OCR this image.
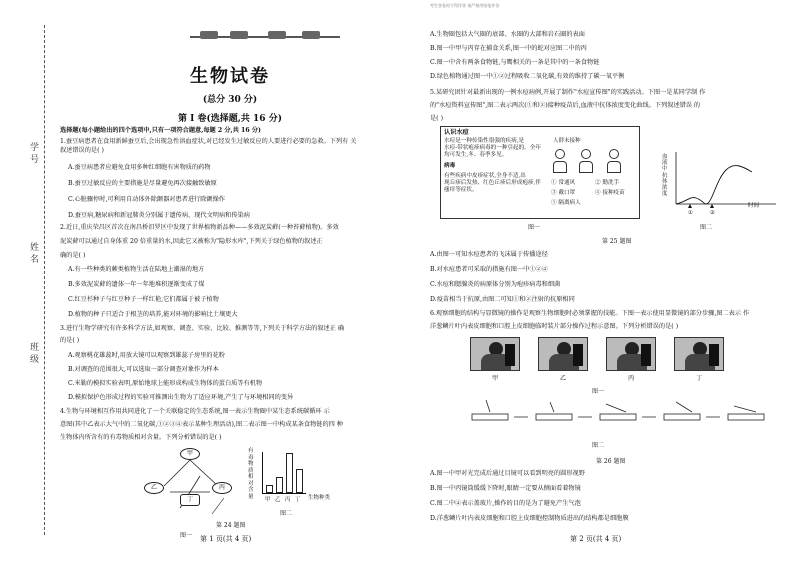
学
号
姓
名
班
级
生物试卷
(总分 30 分)
第 I 卷(选择题,共 16 分)
选择题(每小题给出的四个选项中,只有一项符合题意,每题 2 分,共 16 分)
1.蚕豆病患者在食用新鲜蚕豆后,会出现急性溶血症状,对已经发生过敏反应的人要进行必要的急救。下列有 关
叙述错误的是( )
A.蚕豆病患者应避免食用多种红细胞有害物质的药物
B.蚕豆过敏反应的主要措施是尽量避免再次接触致敏原
C.心脏骤停时,可利用自动体外除颤器对患者进行除颤操作
D.蚕豆病,糖尿病和新冠肺炎分别属于遗传病、现代文明病和传染病
2.近日,重庆荣昌区首次在南昌桥汨罗区中发现了世界植物新品种——多效泥炭藓(一种苔藓植物)。多效
泥炭藓可以通过自身体重 20 倍重量的水,因此它又被称为"隐形水库",下列关于绿色植物的叙述正
确的是( )
A.有一些种类的蕨类植物生活在陆地上潮湿的地方
B.多效泥炭藓的遗体一年一年地堆积逐渐变成了煤
C.红豆杉种子与红豆种子一样红艳,它们都属于被子植物
D.植物的种子只适合于根茎的培养,能对环境的影响比土壤更大
3.进行生物学研究有许多科学方法,如观察、调查、实验、比较、推测等等,下列关于科学方法的叙述正 确
的是( )
A.观察桃花雄蕊时,用放大镜可以观察到雄蕊子房里的花粉
B.对调查的范围很大,可以选取一部分调查对象作为样本
C.米勒的模拟实验表明,原始地球上能形成构成生物体的蛋白质等有机物
D.模拟保护色形成过程的实验可推测出生物为了适应环境,产生了与环境相同的变异
4.生物与环境相互作用共同进化了一个关联稳定的生态系统,图一表示生物圈中某生态系统碳循环 示
意图(其中乙表示大气中的二氧化碳,①②③④表示某种生理活动),图二表示图一中构成某条食物链的四 种
生物体内所含有的有毒物质相对含量。下列分析错误的是( )
甲
乙	丙
丁
图一
有毒物质相对含量
甲 乙 丙 丁 生物种类
图二
第 24 题图
第 1 页(共 4 页)
考生答卷时不得作答 请严格用铅笔作答
A.生物圈包括大气圈的底部、水圈的大部和岩石圈的表面
B.图一中甲与丙存在捕食关系,图一中的蛇对应图二中的丙
C.图一中含有两条食物链,与鹰相关的一条是其中的一条食物链
D.绿色植物通过图一中①②过程吸收二氧化碳,有效的维持了碳一氧平衡
5.某研究团针对最新出现的一例水痘病例,开展了制作"水痘宣传图"的实践活动。下图一是某同学制 作
的"水痘资料宣传图",图二表示两次(①和②)接种疫苗后,血液中抗体浓度变化曲线。下列叙述错误 的
是( )
认识水痘
水痘是一种传染性很强的疾病,是
水痘-带状疱疹病毒的一种引起的。全年
均可发生,冬、春季多见。
病毒
有些疾病中皮疹症状,全身不适,出
现丘疹后发热、红色丘疹后形成疱疹,伴
瘙痒等症状。
人群未接种
① 常通风	② 勤洗手
③ 戴口罩	④ 接种疫苗
⑤ 隔离病人
图一
血液中抗体浓度
①	②
时间
图二
第 25 题图
A.由图一可知水痘患者的飞沫属于传播途径
B.对水痘患者可采取的措施有图一中①②④
C.水痘和腮腺炎的病原体分别为疱疹病毒和细菌
D.疫苗相当于抗原,由图二可知①和②注射的抗原相同
6.观察细胞的结构与显微镜的操作是观察生物细胞时必须掌握的技能。下图一表示使用显微镜的部分步骤,图二表示 作
洋葱鳞片叶内表皮细胞和口腔上皮细胞临时装片部分操作过程示意图。下列分析错误的是( )
甲	乙	丙	丁
图一
图二
第 26 题图
A.图一中甲对光完成后通过目镜可以看到明亮的圆形视野
B.图一中丙镜筒缓缓下降时,眼睛一定要从侧面看着物镜
C.图二中④表示盖玻片,操作的目的是为了避免产生气泡
D.洋葱鳞片叶内表皮细胞和口腔上皮细胞控制物质进出的结构都是细胞膜
第 2 页(共 4 页)
